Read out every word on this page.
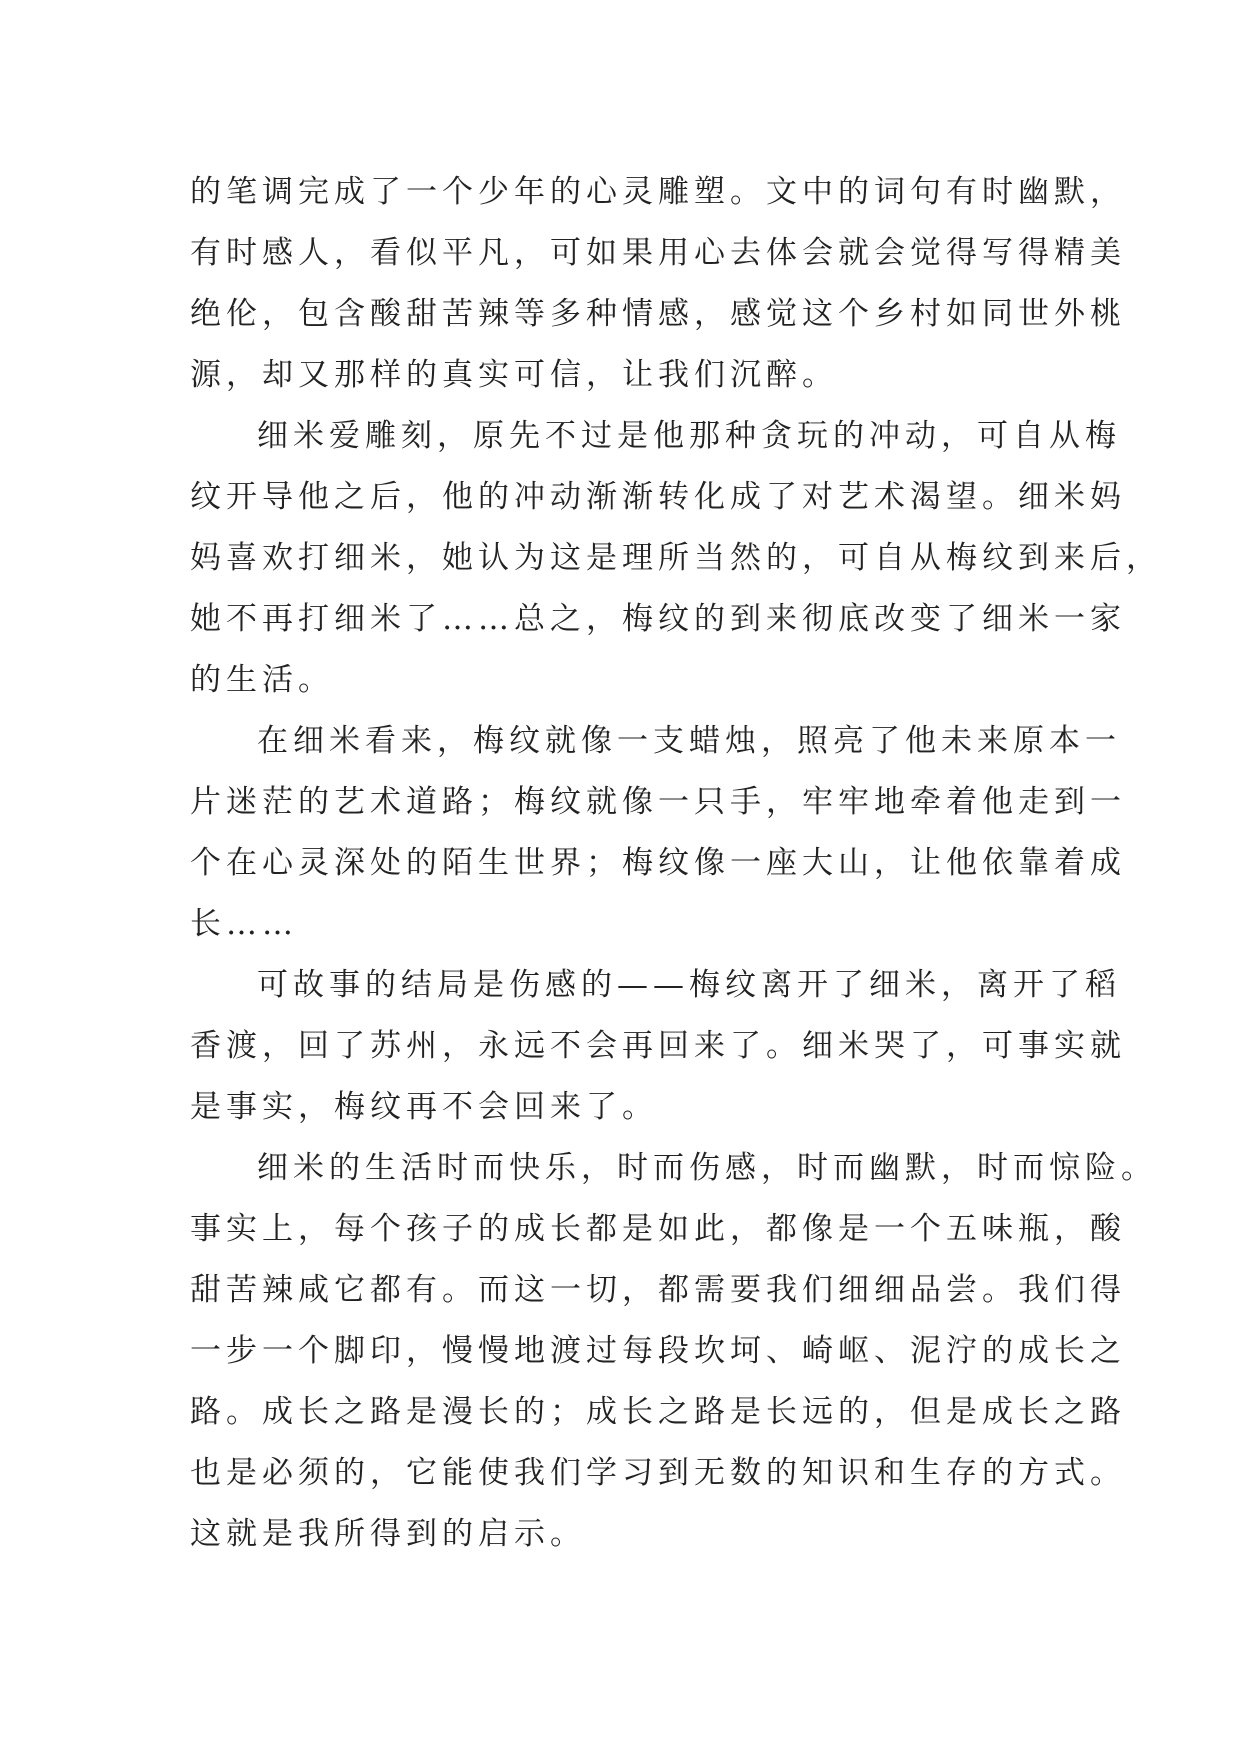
的笔调完成了一个少年的心灵雕塑。文中的词句有时幽默，
有时感人，看似平凡，可如果用心去体会就会觉得写得精美
绝伦，包含酸甜苦辣等多种情感，感觉这个乡村如同世外桃
源，却又那样的真实可信，让我们沉醉。
细米爱雕刻，原先不过是他那种贪玩的冲动，可自从梅
纹开导他之后，他的冲动渐渐转化成了对艺术渴望。细米妈
妈喜欢打细米，她认为这是理所当然的，可自从梅纹到来后，
她不再打细米了……总之，梅纹的到来彻底改变了细米一家
的生活。
在细米看来，梅纹就像一支蜡烛，照亮了他未来原本一
片迷茫的艺术道路；梅纹就像一只手，牢牢地牵着他走到一
个在心灵深处的陌生世界；梅纹像一座大山，让他依靠着成
长……
可故事的结局是伤感的——梅纹离开了细米，离开了稻
香渡，回了苏州，永远不会再回来了。细米哭了，可事实就
是事实，梅纹再不会回来了。
细米的生活时而快乐，时而伤感，时而幽默，时而惊险。
事实上，每个孩子的成长都是如此，都像是一个五味瓶，酸
甜苦辣咸它都有。而这一切，都需要我们细细品尝。我们得
一步一个脚印，慢慢地渡过每段坎坷、崎岖、泥泞的成长之
路。成长之路是漫长的；成长之路是长远的，但是成长之路
也是必须的，它能使我们学习到无数的知识和生存的方式。
这就是我所得到的启示。
